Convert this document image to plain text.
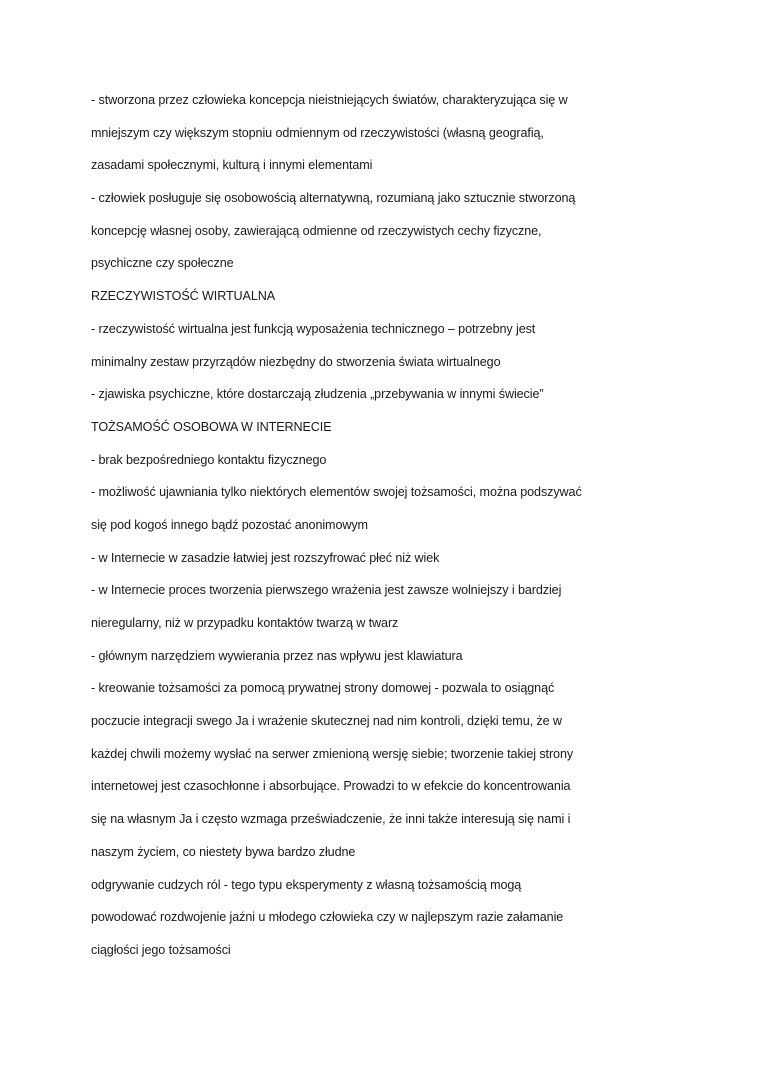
- stworzona przez człowieka koncepcja nieistniejących światów, charakteryzująca się w
mniejszym czy większym stopniu odmiennym od rzeczywistości (własną geografią,
zasadami społecznymi, kulturą i innymi elementami
- człowiek posługuje się osobowością alternatywną, rozumianą jako sztucznie stworzoną
koncepcję własnej osoby, zawierającą odmienne od rzeczywistych cechy fizyczne,
psychiczne czy społeczne
RZECZYWISTOŚĆ WIRTUALNA
- rzeczywistość wirtualna jest funkcją wyposażenia technicznego – potrzebny jest
minimalny zestaw przyrządów niezbędny do stworzenia świata wirtualnego
- zjawiska psychiczne, które dostarczają złudzenia „przebywania w innymi świecie”
TOŻSAMOŚĆ OSOBOWA W INTERNECIE
- brak bezpośredniego kontaktu fizycznego
- możliwość ujawniania tylko niektórych elementów swojej tożsamości, można podszywać
się pod kogoś innego bądź pozostać anonimowym
- w Internecie w zasadzie łatwiej jest rozszyfrować płeć niż wiek
- w Internecie proces tworzenia pierwszego wrażenia jest zawsze wolniejszy i bardziej
nieregularny, niż w przypadku kontaktów twarzą w twarz
- głównym narzędziem wywierania przez nas wpływu jest klawiatura
- kreowanie tożsamości za pomocą prywatnej strony domowej - pozwala to osiągnąć
poczucie integracji swego Ja i wrażenie skutecznej nad nim kontroli, dzięki temu, że w
każdej chwili możemy wysłać na serwer zmienioną wersję siebie; tworzenie takiej strony
internetowej jest czasochłonne i absorbujące. Prowadzi to w efekcie do koncentrowania
się na własnym Ja i często wzmaga przeświadczenie, że inni także interesują się nami i
naszym życiem, co niestety bywa bardzo złudne
odgrywanie cudzych ról - tego typu eksperymenty z własną tożsamością mogą
powodować rozdwojenie jaźni u młodego człowieka czy w najlepszym razie załamanie
ciągłości jego tożsamości
